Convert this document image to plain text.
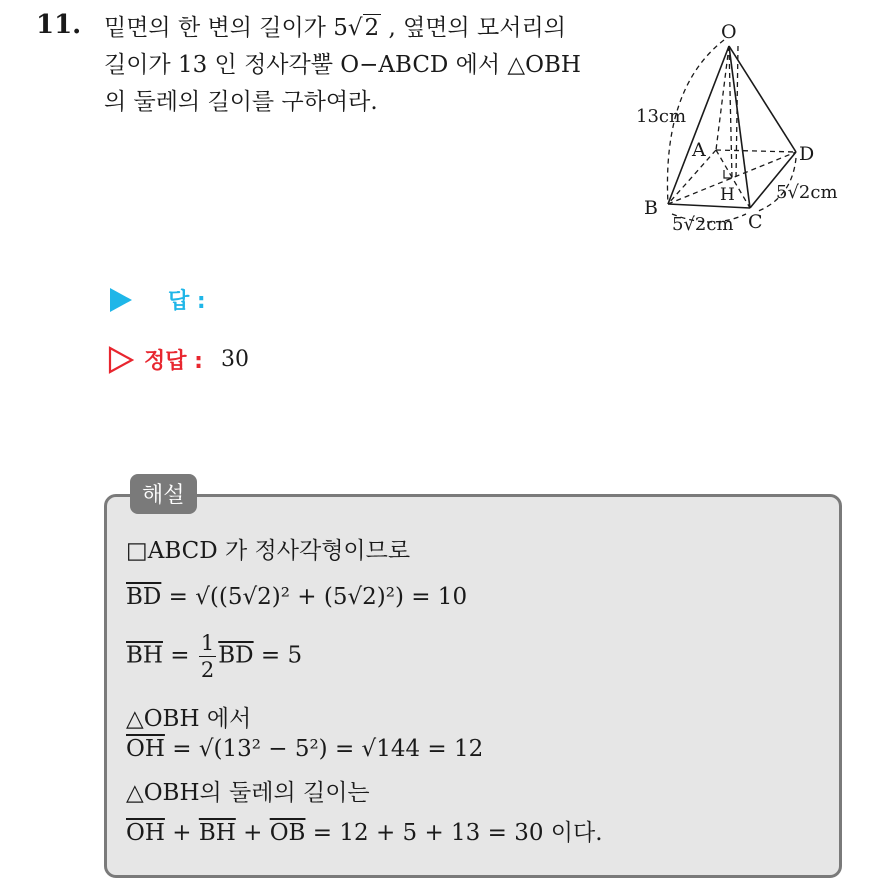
11. 밑면의 한 변의 길이가 5√2 , 옆면의 모서리의
길이가 13 인 정사각뿔 O−ABCD 에서 △OBH
의 둘레의 길이를 구하여라.
O
A
B
C
D
H
13cm
5√2cm
5√2cm
답 :
정답 : 30
해설
□ABCD 가 정사각형이므로
$\overline{BD} = √((5√2)^2 + (5√2)^2) = 10$
$\overline{BH} = \frac{1}{2} \overline{BD} = 5$
△OBH 에서
$\overline{OH} = √(13^2 - 5^2) = √144 = 12$
△OBH의 둘레의 길이는
$\overline{OH} + \overline{BH} + \overline{OB} = 12 + 5 + 13 = 30$ 이다.
